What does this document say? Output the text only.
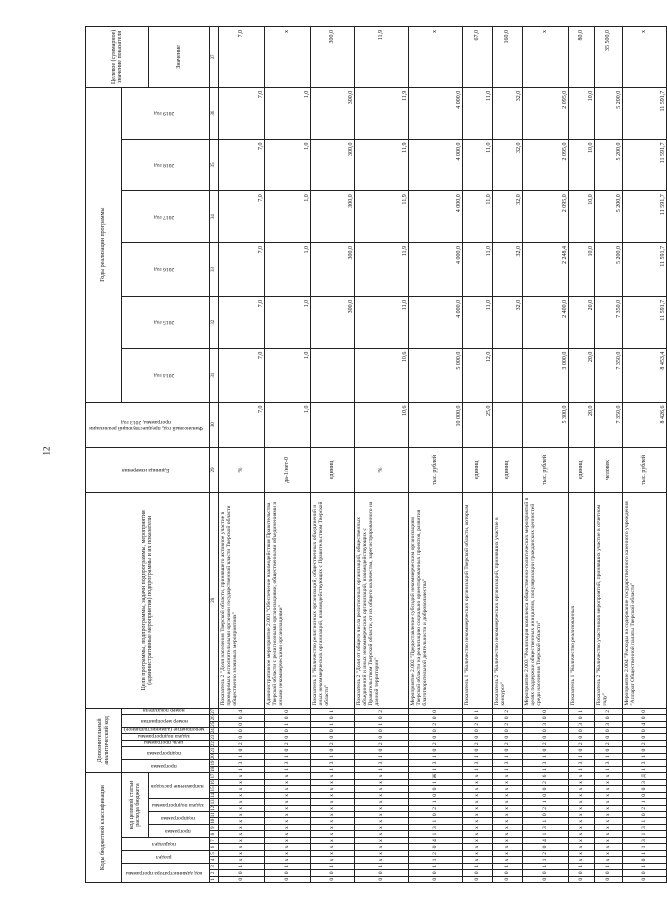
12
Коды бюджетной классификации																	Дополнительный аналитический код										Цели программы, подпрограммы, задачи подпрограммы, мероприятия (административные мероприятия) подпрограммы и их показатели	Единица измерения	Финансовый год, предшествующий реализации программы, 2013 год	Годы реализации программы						Целевое (суммарное) значение показателя
код администратора программы			раздел		подраздел		код целевой статьи расхода бюджета										программа		подпрограмма		цель программы	задача подпрограммы	мероприятие (административное)	номер мероприятия		номер показателя				2014 год	2015 год	2016 год	2017 год	2018 год	2019 год	
							программа		подпрограмма		задача подпрограммы		направление расходов																							Значение
1	2	3	4	5	6	7	8	9	10	11	12	13	14	15	16	17	18	19	20	21	22	23	24	25	26	27	28	29	30	31	32	33	34	35	36	37
0	0	1	х	х	х	х	х	х	х	х	х	х	х	х	х	х	1	3	1	0	2	0	0	0	0	4	Показатель 2 "Доля населения Тверской области, принявшего активное участие в проводимых исполнительными органами государственной власти Тверской области общественно значимых мероприятиях"	%	7,0	7,0	7,0	7,0	7,0	7,0	7,0	7,0
0	0	1	х	х	х	х	х	х	х	х	х	х	х	х	х	х	1	3	1	0	2	0	0	1	0	0	Административное мероприятие 2.001 "Обеспечение взаимодействия Правительства Тверской области с религиозными организациями, общественными объединениями и иными некоммерческими организациями"	да-1/нет-0	1,0	1,0	1,0	1,0	1,0	1,0	1,0	х
0	0	1	х	х	х	х	х	х	х	х	х	х	х	х	х	х	1	3	1	0	2	0	0	1	0	1	Показатель 1 "Количество религиозных организаций, общественных объединений и иных некоммерческих организаций, взаимодействующих с Правительством Тверской области"	единиц			300,0	300,0	300,0	300,0	300,0	300,0
0	0	1	х	х	х	х	х	х	х	х	х	х	х	х	х	х	1	3	1	0	2	0	0	1	0	2	Показатель 2 "Доля от общего числа религиозных организаций, общественных объединений и иных некоммерческих организаций, взаимодействующих с Правительством Тверской области, от их общего количества, зарегистрированного на данной территории"	%	10,6	10,6	11,0	11,9	11,9	11,9	11,9	11,9
0	0	1	1	2	0	4	1	3	1	0	2	1	0	0	1	Ж	1	3	1	0	2	0	0	2	0	0	Мероприятие 2.002 "Предоставление субсидий некоммерческим организациям Тверской области на реализацию социально ориентированных проектов, развития благотворительной деятельности и добровольчества"	тыс. рублей	10 000,0	5 000,0	4 000,0	4 000,0	4 000,0	4 000,0	4 000,0	х
0	0	1	х	х	х	х	х	х	х	х	х	х	х	х	х	х	1	3	1	0	2	0	0	2	0	1	Показатель 1 "Количество некоммерческих организаций Тверской области, которым	единиц	25,0	12,0	11,0	11,0	11,0	11,0	11,0	67,0
0	0	1	х	х	х	х	х	х	х	х	х	х	х	х	х	х	1	3	1	0	2	0	0	2	0	2	Показатель 2 "Количество некоммерческих организаций, принявших участие в конкурсе"	единиц			32,0	32,0	32,0	32,0	32,0	160,0
0	0	1	1	2	0	4	1	3	1	0	2	1	0	0	2	6	1	3	1	0	2	0	0	3	0	0	Мероприятие 2.003 "Реализация комплекса общественно-политических мероприятий в целях поддержки общественных инициатив, популяризации гражданских ценностей среди населения Тверской области"	тыс. рублей	5 300,0	3 000,0	2 400,0	2 248,4	2 095,0	2 095,0	2 095,0	х
0	0	1	х	х	х	х	х	х	х	х	х	х	х	х	х	х	1	3	1	0	2	0	0	3	0	1	Показатель 1 "Количество реализованных	единиц	20,0	20,0	20,0	10,0	10,0	10,0	10,0	80,0
0	0	1	х	х	х	х	х	х	х	х	х	х	х	х	х	х	1	3	1	0	2	0	0	3	0	2	Показатель 2 "Количество участников мероприятий, принявших участие в отчетном году"	человек	7 350,0	7 350,0	7 350,0	5 200,0	5 200,0	5 200,0	5 200,0	35 500,0
0	0	1	0	1	1	3	1	3	1	0	2	1	0	0	3	Д	1	3	1	0	2	0	0	4	0	0	Мероприятие 2.004 "Расходы на содержание государственного казенного учреждения "Аппарат Общественной палаты Тверской области"	тыс. рублей	8 426,6	8 453,4	11 591,7	11 591,7	11 591,7	11 591,7	11 591,7	х
